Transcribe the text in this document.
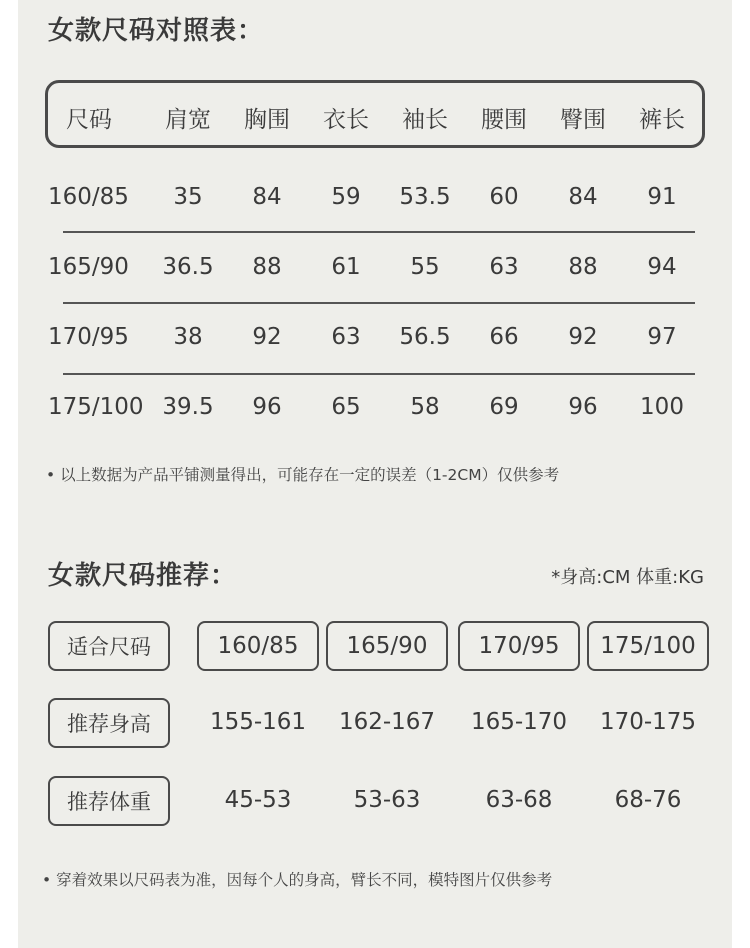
女款尺码对照表：
尺码	肩宽	胸围	衣长	袖长	腰围	臀围	裤长
160/85	35	84	59	53.5	60	84	91
165/90	36.5	88	61	55	63	88	94
170/95	38	92	63	56.5	66	92	97
175/100 39.5	96	65	58	69	96	100
• 以上数据为产品平铺测量得出，可能存在一定的误差（1-2CM）仅供参考
女款尺码推荐：	*身高:CM 体重:KG
适合尺码	160/85	165/90	170/95	175/100
推荐身高	155-161	162-167	165-170	170-175
推荐体重	45-53	53-63	63-68	68-76
• 穿着效果以尺码表为准，因每个人的身高，臂长不同，模特图片仅供参考
